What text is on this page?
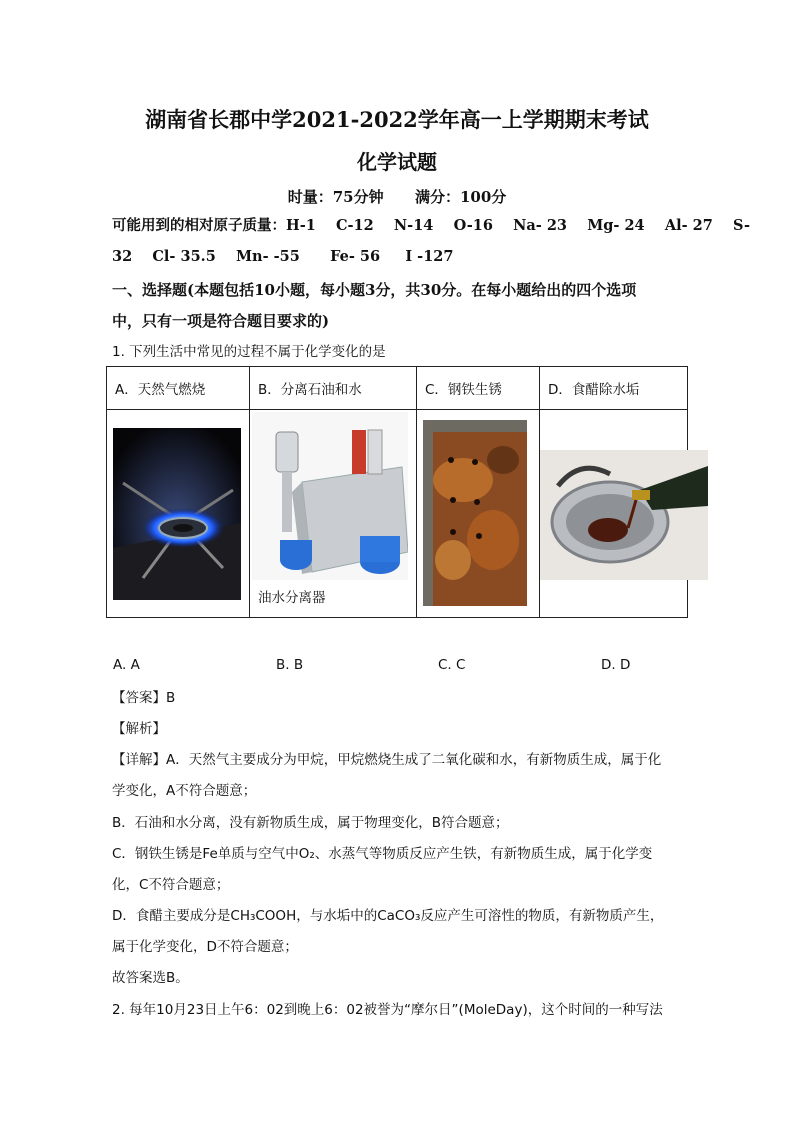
湖南省长郡中学2021-2022学年高一上学期期末考试
化学试题
时量：75分钟      满分：100分
可能用到的相对原子质量：H-1    C-12    N-14    O-16    Na- 23    Mg- 24    Al- 27    S-
32    Cl- 35.5    Mn- -55      Fe- 56     I -127
一、选择题(本题包括10小题，每小题3分，共30分。在每小题给出的四个选项
中，只有一项是符合题目要求的)
1. 下列生活中常见的过程不属于化学变化的是
A．天然气燃烧	B．分离石油和水	C．钢铁生锈	D．食醋除水垢

油水分离器

A. A	B. B	C. C	D. D
【答案】B
【解析】
【详解】A．天然气主要成分为甲烷，甲烷燃烧生成了二氧化碳和水，有新物质生成，属于化
学变化，A不符合题意；
B．石油和水分离，没有新物质生成，属于物理变化，B符合题意；
C．钢铁生锈是Fe单质与空气中O₂、水蒸气等物质反应产生铁，有新物质生成，属于化学变
化，C不符合题意；
D．食醋主要成分是CH₃COOH，与水垢中的CaCO₃反应产生可溶性的物质，有新物质产生，
属于化学变化，D不符合题意；
故答案选B。
2. 每年10月23日上午6：02到晚上6：02被誉为“摩尔日”(MoleDay)，这个时间的一种写法
